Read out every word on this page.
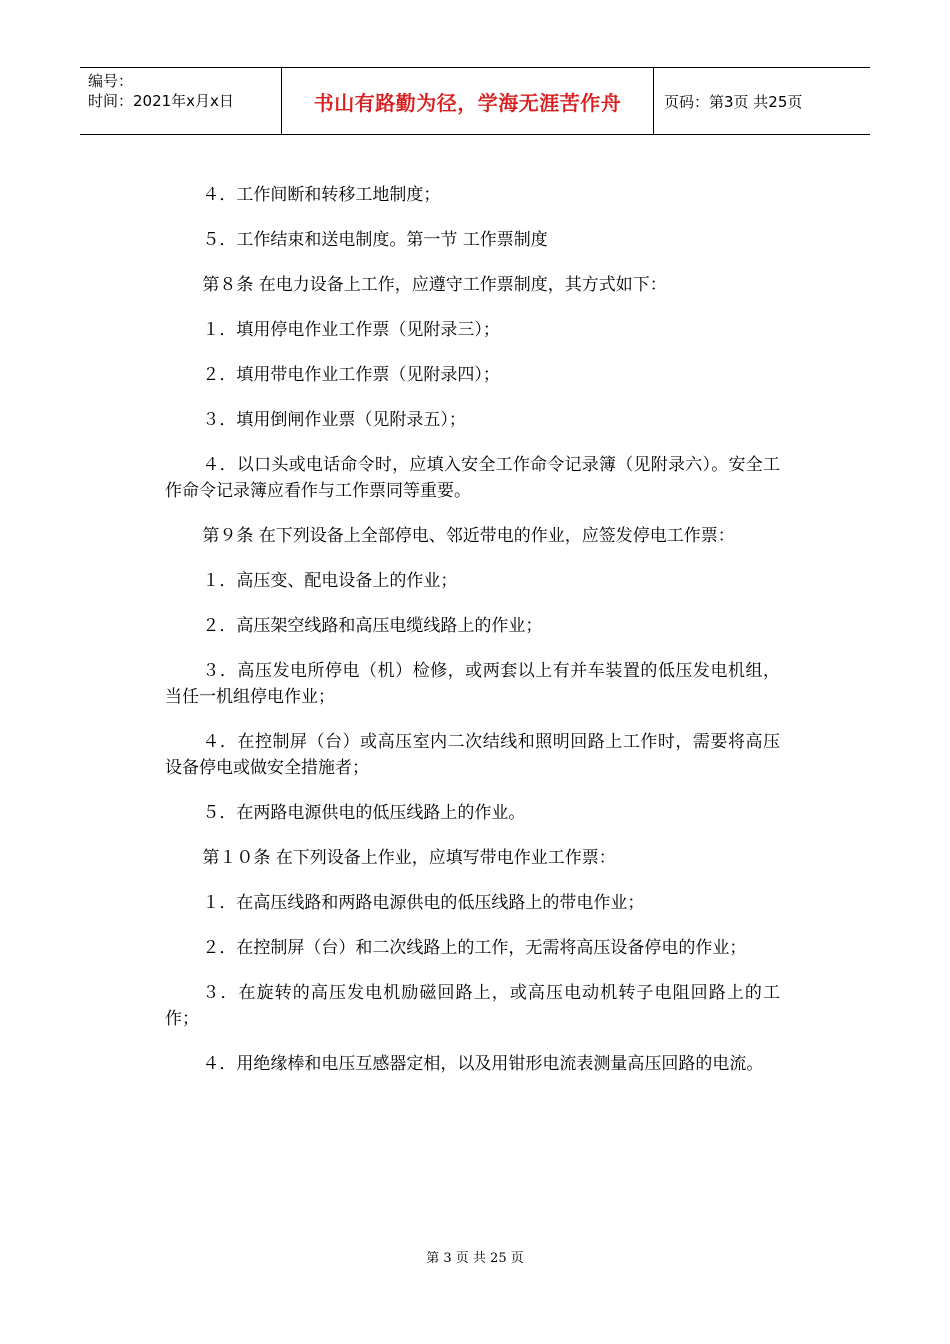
编号：
时间：2021年x月x日	书山有路勤为径，学海无涯苦作舟	页码：第3页 共25页

４．工作间断和转移工地制度；

５．工作结束和送电制度。第一节 工作票制度

第８条 在电力设备上工作，应遵守工作票制度，其方式如下：

１．填用停电作业工作票（见附录三）；

２．填用带电作业工作票（见附录四）；

３．填用倒闸作业票（见附录五）；

４．以口头或电话命令时，应填入安全工作命令记录簿（见附录六）。安全工作命令记录簿应看作与工作票同等重要。

第９条 在下列设备上全部停电、邻近带电的作业，应签发停电工作票：

１．高压变、配电设备上的作业；

２．高压架空线路和高压电缆线路上的作业；

３．高压发电所停电（机）检修，或两套以上有并车装置的低压发电机组，当任一机组停电作业；

４．在控制屏（台）或高压室内二次结线和照明回路上工作时，需要将高压设备停电或做安全措施者；

５．在两路电源供电的低压线路上的作业。

第１０条 在下列设备上作业，应填写带电作业工作票：

１．在高压线路和两路电源供电的低压线路上的带电作业；

２．在控制屏（台）和二次线路上的工作，无需将高压设备停电的作业；

３．在旋转的高压发电机励磁回路上，或高压电动机转子电阻回路上的工作；

４．用绝缘棒和电压互感器定相，以及用钳形电流表测量高压回路的电流。

第 3 页 共 25 页
